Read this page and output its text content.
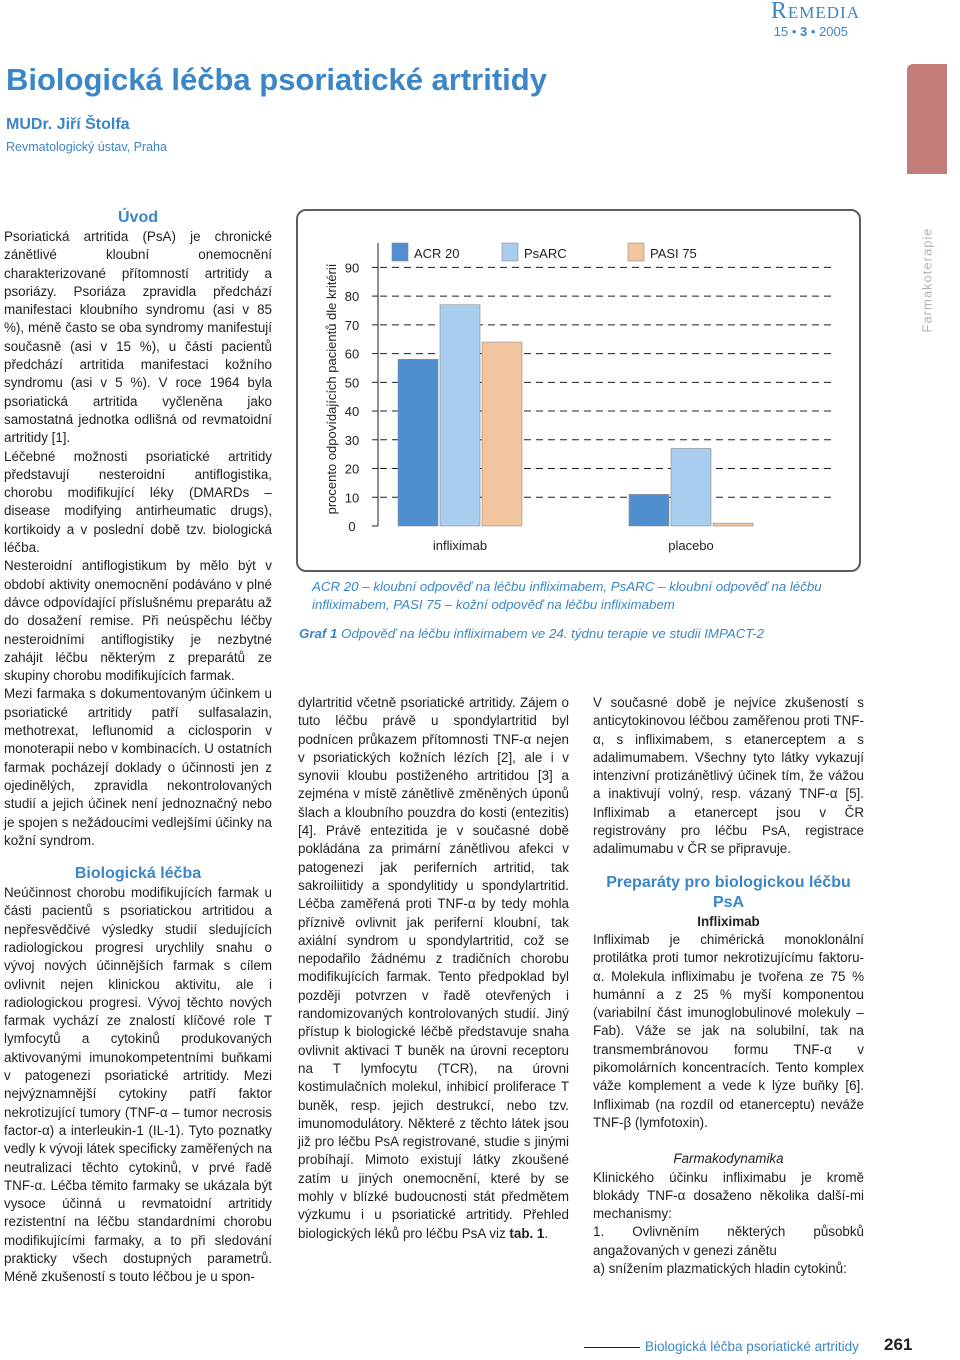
Remedia
15 • 3 • 2005
Farmakoterapie
Biologická léčba psoriatické artritidy
MUDr. Jiří Štolfa
Revmatologický ústav, Praha

Úvod

Psoriatická artritida (PsA) je chronické zánětlivé kloubní onemocnění charakterizované přítomností artritidy a psoriázy. Psoriáza zpravidla předchází manifestaci kloubního syndromu (asi v 85 %), méně často se oba syndromy manifestují současně (asi v 15 %), u části pacientů předchází artritida manifestaci kožního syndromu (asi v 5 %). V roce 1964 byla psoriatická artritida vyčleněna jako samostatná jednotka odlišná od revmatoidní artritidy [1].

Léčebné možnosti psoriatické artritidy představují nesteroidní antiflogistika, chorobu modifikující léky (DMARDs – disease modifying antirheumatic drugs), kortikoidy a v poslední době tzv. biologická léčba.

Nesteroidní antiflogistikum by mělo být v období aktivity onemocnění podáváno v plné dávce odpovídající příslušnému preparátu až do dosažení remise. Při neúspěchu léčby nesteroidními antiflogistiky je nezbytné zahájit léčbu některým z preparátů ze skupiny chorobu modifikujících farmak.

Mezi farmaka s dokumentovaným účinkem u psoriatické artritidy patří sulfasalazin, methotrexat, leflunomid a ciclosporin v monoterapii nebo v kombinacích. U ostatních farmak pocházejí doklady o účinnosti jen z ojedinělých, zpravidla nekontrolovaných studií a jejich účinek není jednoznačný nebo je spojen s nežádoucími vedlejšími účinky na kožní syndrom.

Biologická léčba

Neúčinnost chorobu modifikujících farmak u části pacientů s psoriatickou artritidou a nepřesvědčivé výsledky studií sledujících radiologickou progresi urychlily snahu o vývoj nových účinnějších farmak s cílem ovlivnit nejen klinickou aktivitu, ale i radiologickou progresi. Vývoj těchto nových farmak vychází ze znalostí klíčové role T lymfocytů a cytokinů produkovaných aktivovanými imunokompetentními buňkami v patogenezi psoriatické artritidy. Mezi nejvýznamnější cytokiny patří faktor nekrotizující tumory (TNF-α – tumor necrosis factor-α) a interleukin-1 (IL-1). Tyto poznatky vedly k vývoji látek specificky zaměřených na neutralizaci těchto cytokinů, v prvé řadě TNF-α. Léčba těmito farmaky se ukázala být vysoce účinná u revmatoidní artritidy rezistentní na léčbu standardními chorobu modifikujícími farmaky, a to při sledování prakticky všech dostupných parametrů. Méně zkušeností s touto léčbou je u spon-

procento odpovídajících pacientů dle kritérií
0
10
20
30
40
50
60
70
80
90
infliximab	placebo
ACR 20	PsARC	PASI 75
ACR 20 – kloubní odpověď na léčbu infliximabem, PsARC – kloubní odpověď na léčbu infliximabem, PASI 75 – kožní odpověď na léčbu infliximabem
Graf 1 Odpověď na léčbu infliximabem ve 24. týdnu terapie ve studii IMPACT-2

dylartritid včetně psoriatické artritidy. Zájem o tuto léčbu právě u spondylartritid byl podnícen průkazem přítomnosti TNF-α nejen v psoriatických kožních lézích [2], ale i v synovii kloubu postiženého artritidou [3] a zejména v místě zánětlivě změněných úponů šlach a kloubního pouzdra do kosti (entezitis) [4]. Právě entezitida je v současné době pokládána za primární zánětlivou afekci v patogenezi jak periferních artritid, tak sakroiliitidy a spondylitidy u spondylartritid. Léčba zaměřená proti TNF-α by tedy mohla příznivě ovlivnit jak periferní kloubní, tak axiální syndrom u spondylartritid, což se nepodařilo žádnému z tradičních chorobu modifikujících farmak. Tento předpoklad byl později potvrzen v řadě otevřených i randomizovaných kontrolovaných studií. Jiný přístup k biologické léčbě představuje snaha ovlivnit aktivaci T buněk na úrovni receptoru na T lymfocytu (TCR), na úrovni kostimulačních molekul, inhibicí proliferace T buněk, resp. jejich destrukcí, nebo tzv. imunomodulátory. Některé z těchto látek jsou již pro léčbu PsA registrované, studie s jinými probíhají. Mimoto existují látky zkoušené zatím u jiných onemocnění, které by se mohly v blízké budoucnosti stát předmětem výzkumu i u psoriatické artritidy. Přehled biologických léků pro léčbu PsA viz tab. 1.

V současné době je nejvíce zkušeností s anticytokinovou léčbou zaměřenou proti TNF-α, s infliximabem, s etanerceptem a s adalimumabem. Všechny tyto látky vykazují intenzivní protizánětlivý účinek tím, že vážou a inaktivují volný, resp. vázaný TNF-α [5]. Infliximab a etanercept jsou v ČR registrovány pro léčbu PsA, registrace adalimumabu v ČR se připravuje.

Preparáty pro biologickou léčbu PsA

Infliximab

Infliximab je chimérická monoklonální protilátka proti tumor nekrotizujícímu faktoru-α. Molekula infliximabu je tvořena ze 75 % humánní a z 25 % myší komponentou (variabilní část imunoglobulinové molekuly – Fab). Váže se jak na solubilní, tak na transmembránovou formu TNF-α v pikomolárních koncentracích. Tento komplex váže komplement a vede k lýze buňky [6]. Infliximab (na rozdíl od etanerceptu) neváže TNF-β (lymfotoxin).

Farmakodynamika

Klinického účinku infliximabu je kromě blokády TNF-α dosaženo několika další-mi mechanismy:

1. Ovlivněním některých působků angažovaných v genezi zánětu

a) snížením plazmatických hladin cytokinů:

Biologická léčba psoriatické artritidy 261
